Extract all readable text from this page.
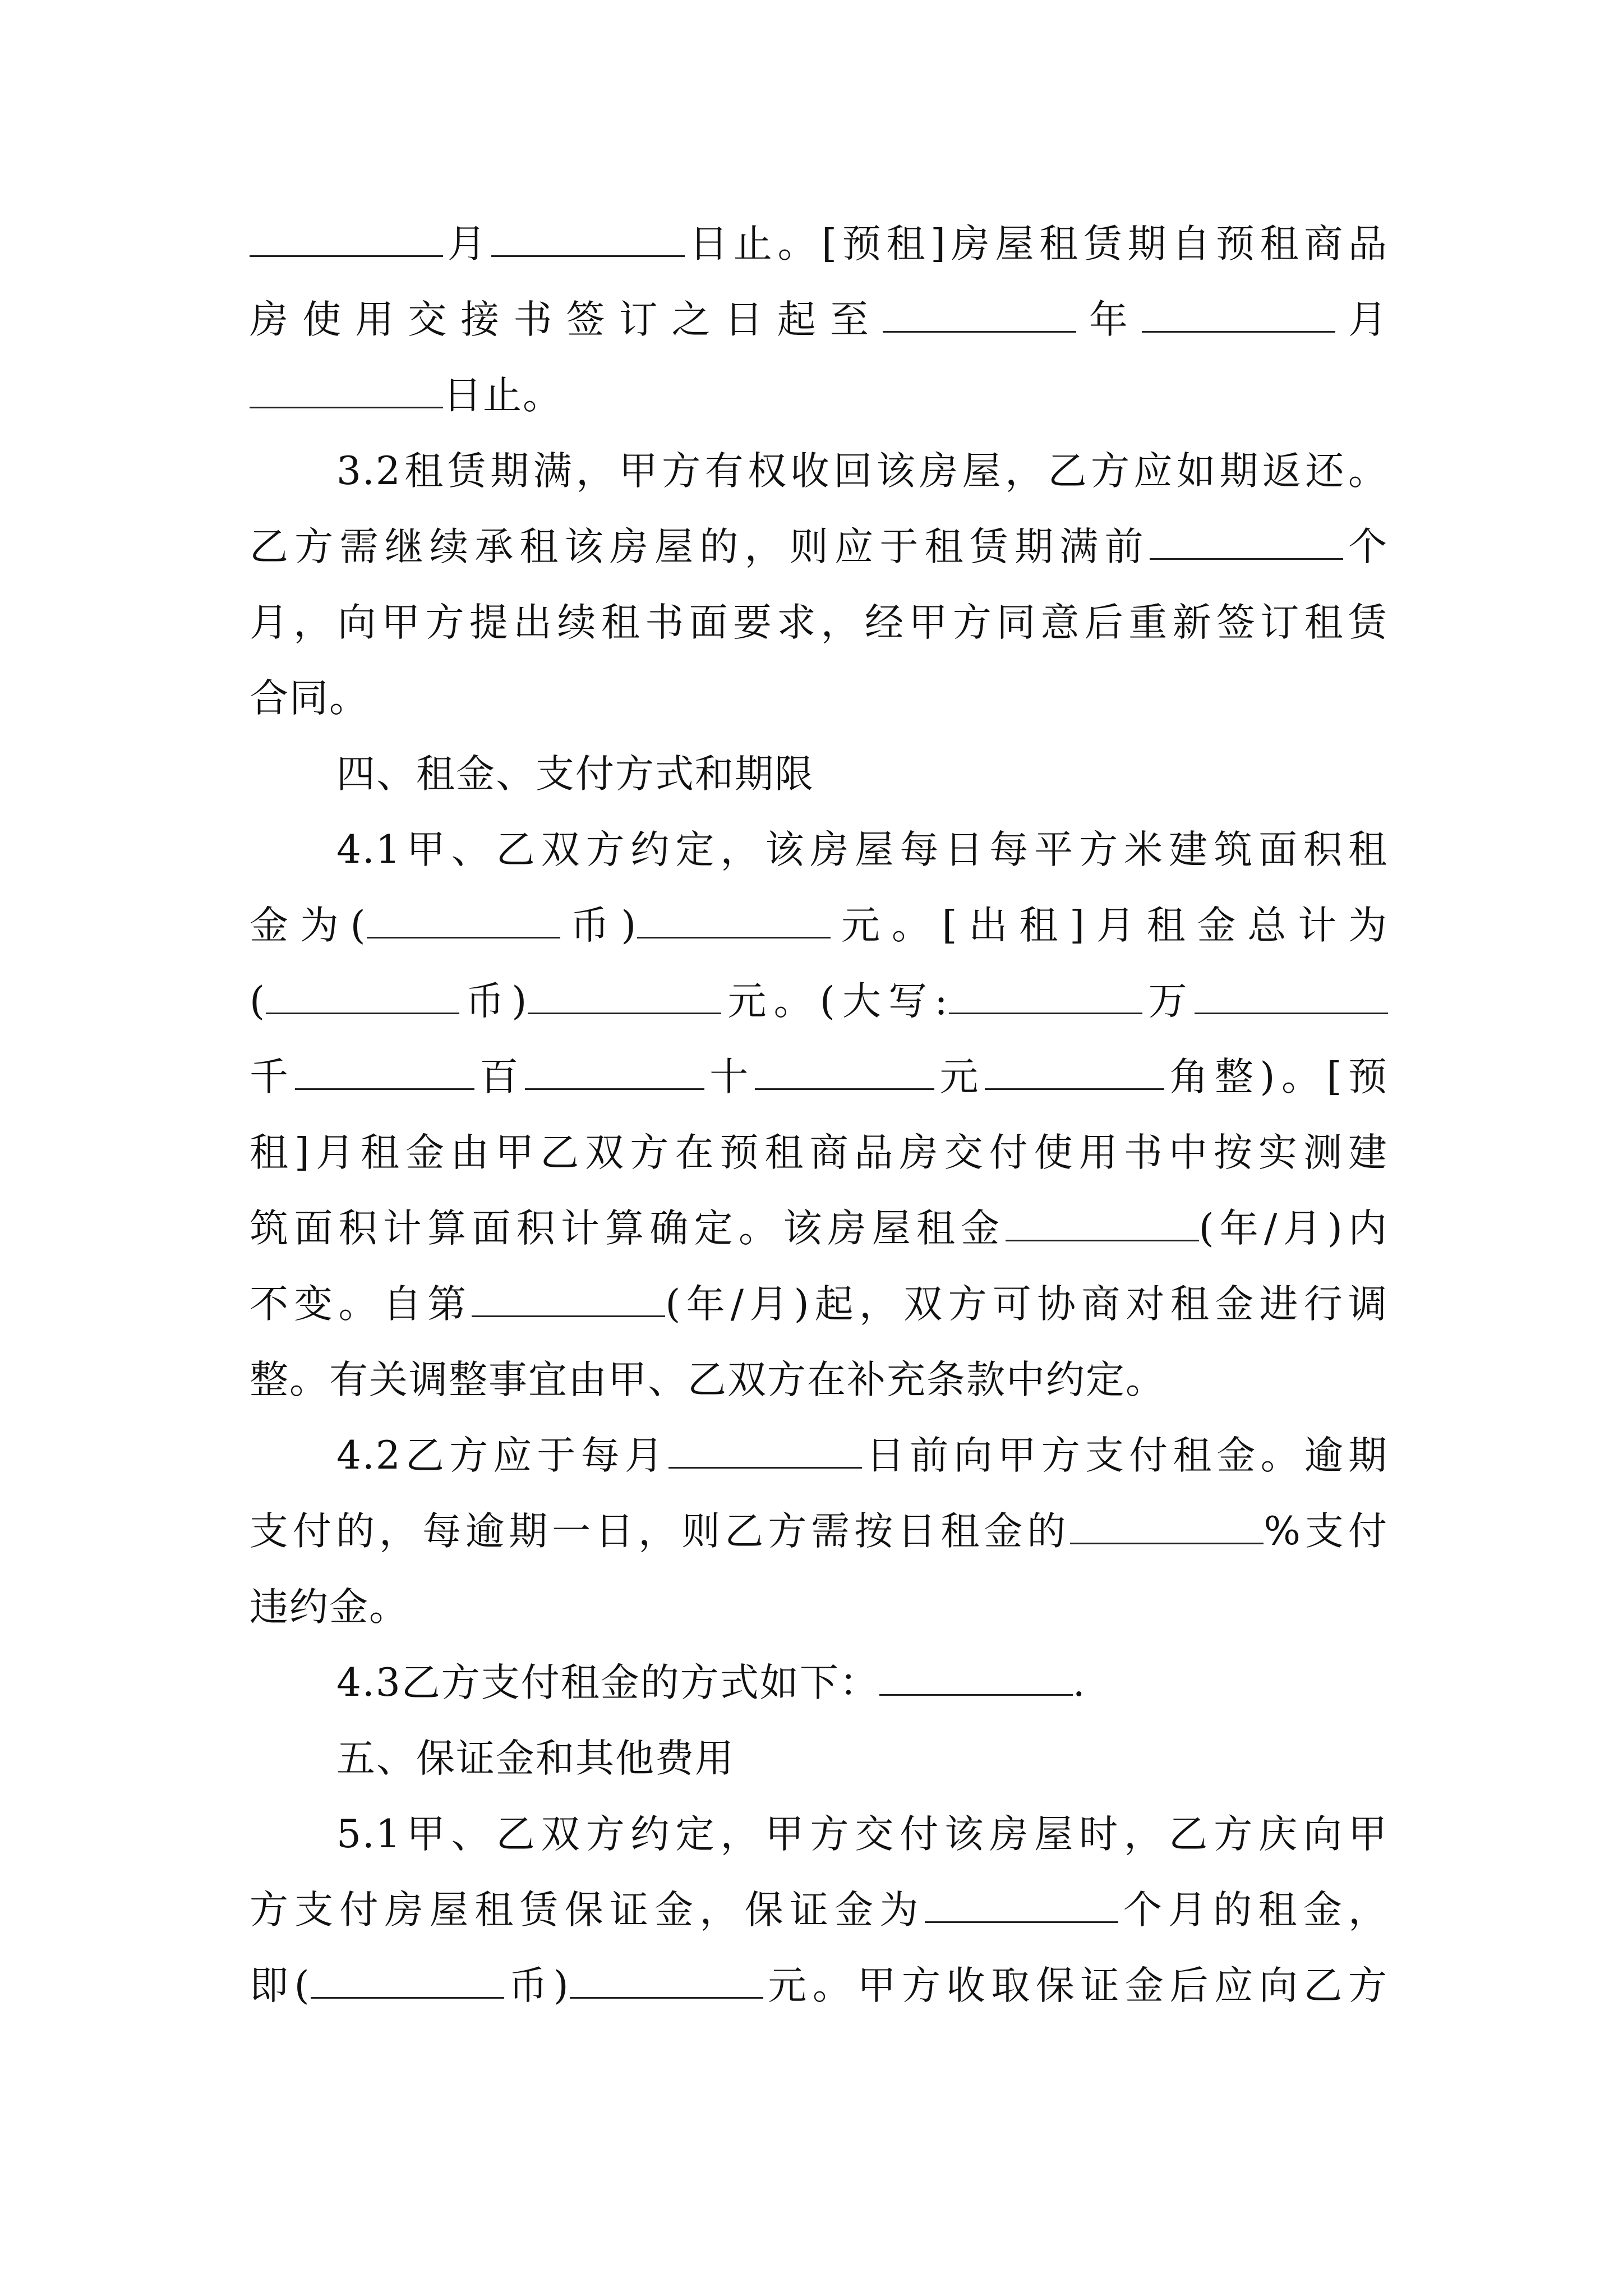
月	日止。[预租]房屋租赁期自预租商品
房使用交接书签订之日起至	年	月
日止。
3.2租赁期满，甲方有权收回该房屋，乙方应如期返还。
乙方需继续承租该房屋的，则应于租赁期满前	个
月，向甲方提出续租书面要求，经甲方同意后重新签订租赁
合同。
四、租金、支付方式和期限
4.1甲、乙双方约定，该房屋每日每平方米建筑面积租
金为(	币)	元。[出租]月租金总计为
(	币)	元。(大写:	万
千	百	十	元	角整)。[预
租]月租金由甲乙双方在预租商品房交付使用书中按实测建
筑面积计算面积计算确定。该房屋租金	(年/月)内
不变。自第	(年/月)起，双方可协商对租金进行调
整。有关调整事宜由甲、乙双方在补充条款中约定。
4.2乙方应于每月	日前向甲方支付租金。逾期
支付的，每逾期一日，则乙方需按日租金的	%支付
违约金。
4.3乙方支付租金的方式如下：	.
五、保证金和其他费用
5.1甲、乙双方约定，甲方交付该房屋时，乙方庆向甲
方支付房屋租赁保证金，保证金为	个月的租金，
即(	币)	元。甲方收取保证金后应向乙方
